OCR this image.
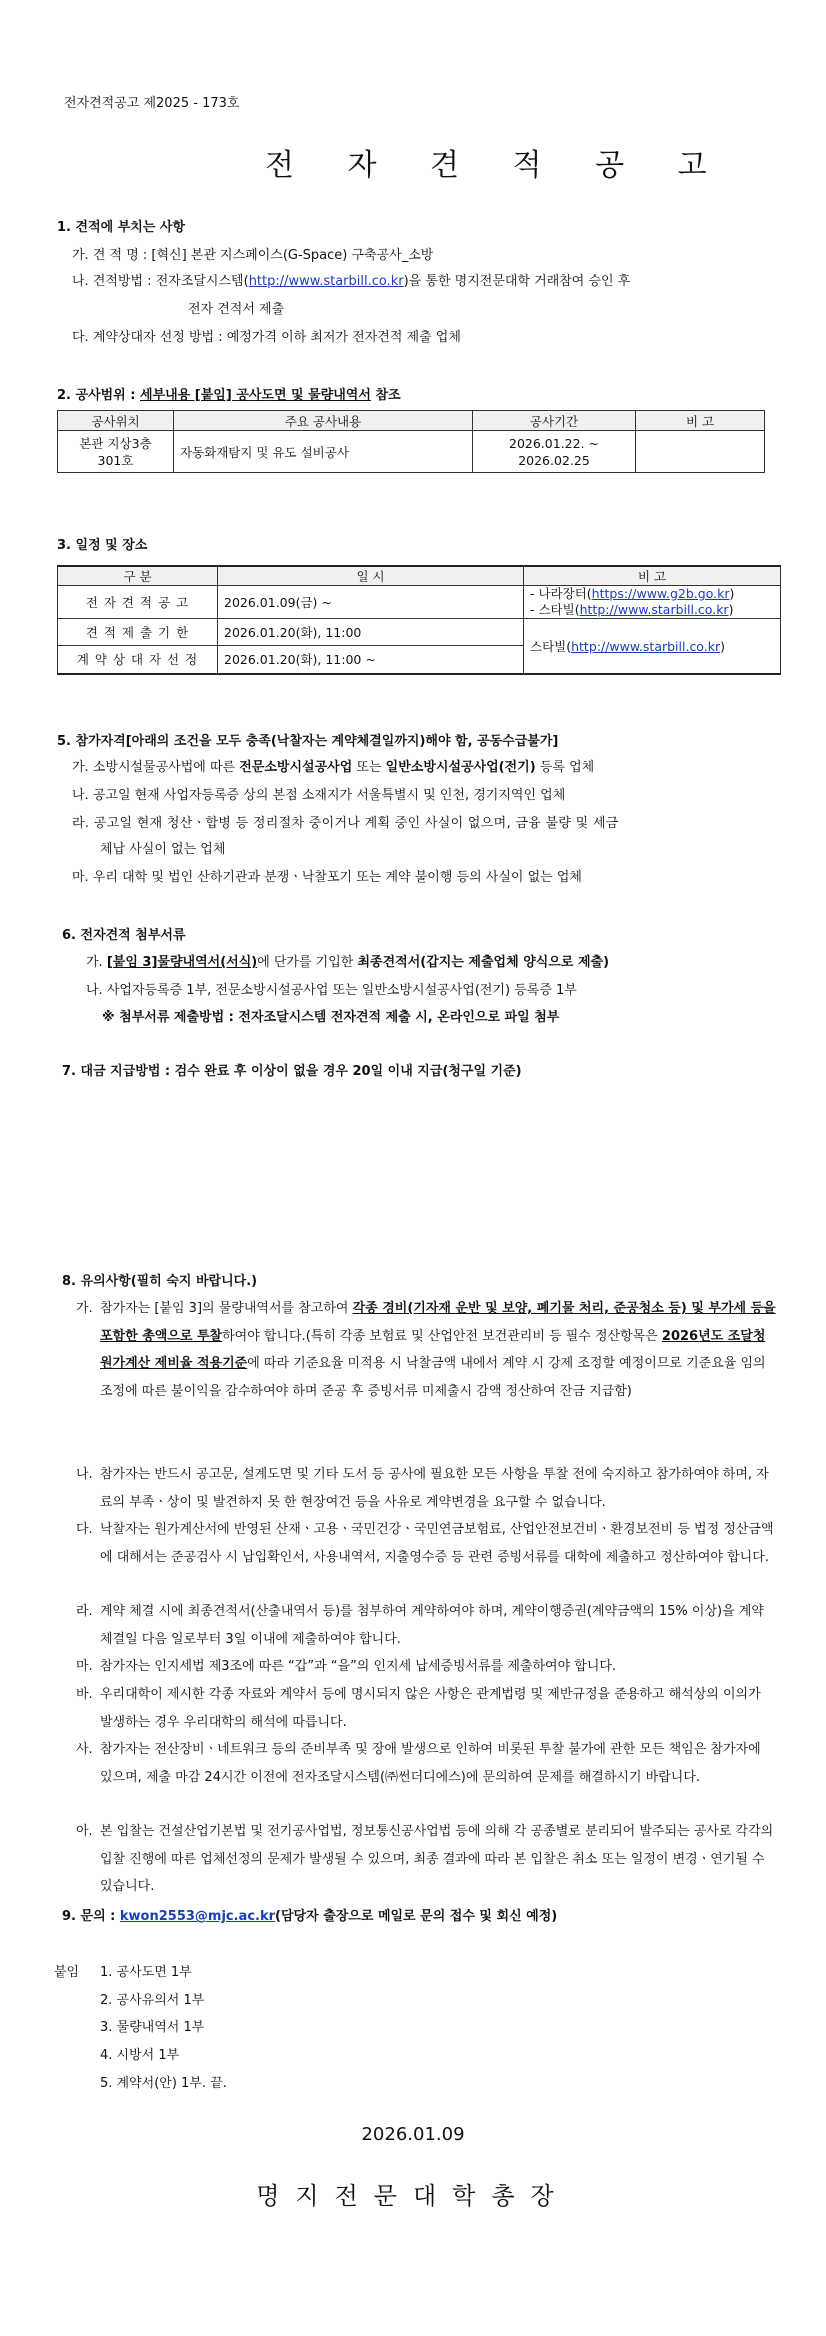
전자견적공고 제2025 - 173호
전 자 견 적 공 고
1. 견적에 부치는 사항
가. 견 적 명 : [혁신] 본관 지스페이스(G-Space) 구축공사_소방
나. 견적방법 : 전자조달시스템(http://www.starbill.co.kr)을 통한 명지전문대학 거래참여 승인 후
전자 견적서 제출
다. 계약상대자 선정 방법 : 예정가격 이하 최저가 전자견적 제출 업체
2. 공사범위 : 세부내용 [붙임] 공사도면 및 물량내역서 참조
공사위치	주요 공사내용	공사기간	비 고
본관 지상3층
301호	자동화재탐지 및 유도 설비공사	2026.01.22. ~
2026.02.25	
3. 일정 및 장소
구 분	일 시	비 고
전 자 견 적 공 고	2026.01.09(금) ~	- 나라장터(https://www.g2b.go.kr)
- 스타빌(http://www.starbill.co.kr)
견 적 제 출 기 한	2026.01.20(화), 11:00	스타빌(http://www.starbill.co.kr)
계 약 상 대 자 선 정	2026.01.20(화), 11:00 ~	
5. 참가자격[아래의 조건을 모두 충족(낙찰자는 계약체결일까지)해야 함, 공동수급불가]
가. 소방시설물공사법에 따른 전문소방시설공사업 또는 일반소방시설공사업(전기) 등록 업체
나. 공고일 현재 사업자등록증 상의 본점 소재지가 서울특별시 및 인천, 경기지역인 업체
라. 공고일 현재 청산ㆍ합병 등 정리절차 중이거나 계획 중인 사실이 없으며, 금융 불량 및 세금
체납 사실이 없는 업체
마. 우리 대학 및 법인 산하기관과 분쟁ㆍ낙찰포기 또는 계약 불이행 등의 사실이 없는 업체
6. 전자견적 첨부서류
가. [붙임 3]물량내역서(서식)에 단가를 기입한 최종견적서(갑지는 제출업체 양식으로 제출)
나. 사업자등록증 1부, 전문소방시설공사업 또는 일반소방시설공사업(전기) 등록증 1부
※ 첨부서류 제출방법 : 전자조달시스템 전자견적 제출 시, 온라인으로 파일 첨부
7. 대금 지급방법 : 검수 완료 후 이상이 없을 경우 20일 이내 지급(청구일 기준)
8. 유의사항(필히 숙지 바랍니다.)
가. 참가자는 [붙임 3]의 물량내역서를 참고하여 각종 경비(기자재 운반 및 보양, 폐기물 처리, 준공청소 등) 및 부가세 등을 포함한 총액으로 투찰하여야 합니다.(특히 각종 보험료 및 산업안전 보건관리비 등 필수 정산항목은 2026년도 조달청 원가계산 제비율 적용기준에 따라 기준요율 미적용 시 낙찰금액 내에서 계약 시 강제 조정할 예정이므로 기준요율 임의조정에 따른 불이익을 감수하여야 하며 준공 후 증빙서류 미제출시 감액 정산하여 잔금 지급함)
나. 참가자는 반드시 공고문, 설계도면 및 기타 도서 등 공사에 필요한 모든 사항을 투찰 전에 숙지하고 참가하여야 하며, 자료의 부족ㆍ상이 및 발견하지 못 한 현장여건 등을 사유로 계약변경을 요구할 수 없습니다.
다. 낙찰자는 원가계산서에 반영된 산재ㆍ고용ㆍ국민건강ㆍ국민연금보험료, 산업안전보건비ㆍ환경보전비 등 법정 정산금액에 대해서는 준공검사 시 납입확인서, 사용내역서, 지출영수증 등 관련 증빙서류를 대학에 제출하고 정산하여야 합니다.
라. 계약 체결 시에 최종견적서(산출내역서 등)를 첨부하여 계약하여야 하며, 계약이행증권(계약금액의 15% 이상)을 계약체결일 다음 일로부터 3일 이내에 제출하여야 합니다.
마. 참가자는 인지세법 제3조에 따른 “갑”과 “을”의 인지세 납세증빙서류를 제출하여야 합니다.
바. 우리대학이 제시한 각종 자료와 계약서 등에 명시되지 않은 사항은 관계법령 및 제반규정을 준용하고 해석상의 이의가 발생하는 경우 우리대학의 해석에 따릅니다.
사. 참가자는 전산장비ㆍ네트워크 등의 준비부족 및 장애 발생으로 인하여 비롯된 투찰 불가에 관한 모든 책임은 참가자에 있으며, 제출 마감 24시간 이전에 전자조달시스템(㈜썬더디에스)에 문의하여 문제를 해결하시기 바랍니다.
아. 본 입찰는 건설산업기본법 및 전기공사업법, 정보통신공사업법 등에 의해 각 공종별로 분리되어 발주되는 공사로 각각의 입찰 진행에 따른 업체선정의 문제가 발생될 수 있으며, 최종 결과에 따라 본 입찰은 취소 또는 일정이 변경ㆍ연기될 수 있습니다.
9. 문의 : kwon2553@mjc.ac.kr(담당자 출장으로 메일로 문의 접수 및 회신 예정)
붙임 1. 공사도면 1부
2. 공사유의서 1부
3. 물량내역서 1부
4. 시방서 1부
5. 계약서(안) 1부. 끝.
2026.01.09
명지전문대학총장
